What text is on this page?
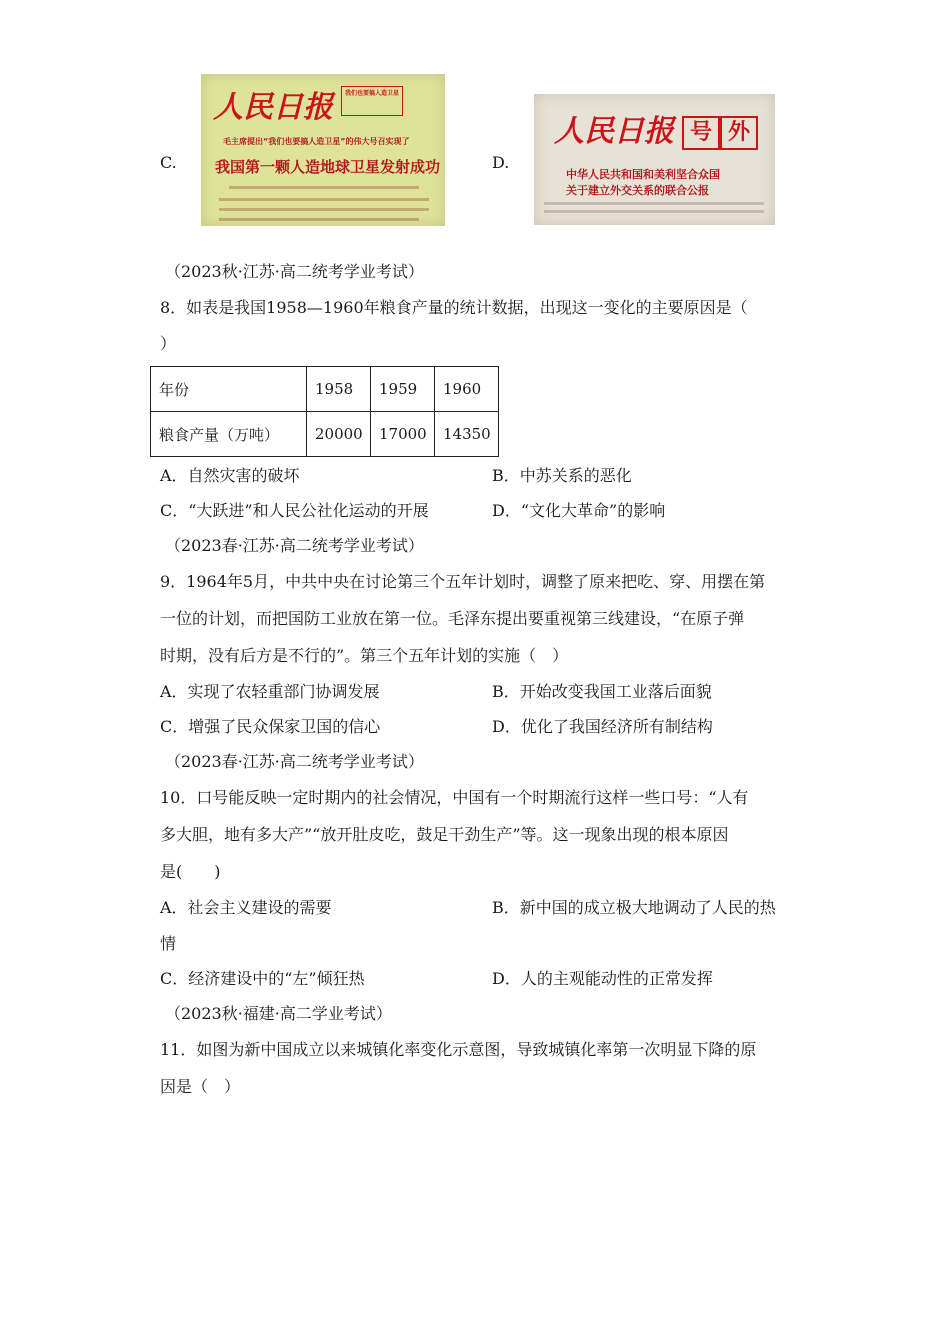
C.
人民日报	我们也要搞人造卫星
毛主席提出“我们也要搞人造卫星”的伟大号召实现了
我国第一颗人造地球卫星发射成功	D.
人民日报 号 外
中华人民共和国和美利坚合众国
关于建立外交关系的联合公报
（2023秋·江苏·高二统考学业考试）
8．如表是我国1958—1960年粮食产量的统计数据，出现这一变化的主要原因是（
）
年份	1958	1959	1960
粮食产量（万吨）	20000	17000	14350
A．自然灾害的破坏	B．中苏关系的恶化
C．“大跃进”和人民公社化运动的开展	D．“文化大革命”的影响
（2023春·江苏·高二统考学业考试）
9．1964年5月，中共中央在讨论第三个五年计划时，调整了原来把吃、穿、用摆在第
一位的计划，而把国防工业放在第一位。毛泽东提出要重视第三线建设，“在原子弹
时期，没有后方是不行的”。第三个五年计划的实施（　）
A．实现了农轻重部门协调发展	B．开始改变我国工业落后面貌
C．增强了民众保家卫国的信心	D．优化了我国经济所有制结构
（2023春·江苏·高二统考学业考试）
10．口号能反映一定时期内的社会情况，中国有一个时期流行这样一些口号：“人有
多大胆，地有多大产”“放开肚皮吃，鼓足干劲生产”等。这一现象出现的根本原因
是(　　)
A．社会主义建设的需要	B．新中国的成立极大地调动了人民的热
情
C．经济建设中的“左”倾狂热	D．人的主观能动性的正常发挥
（2023秋·福建·高二学业考试）
11．如图为新中国成立以来城镇化率变化示意图，导致城镇化率第一次明显下降的原
因是（　）
